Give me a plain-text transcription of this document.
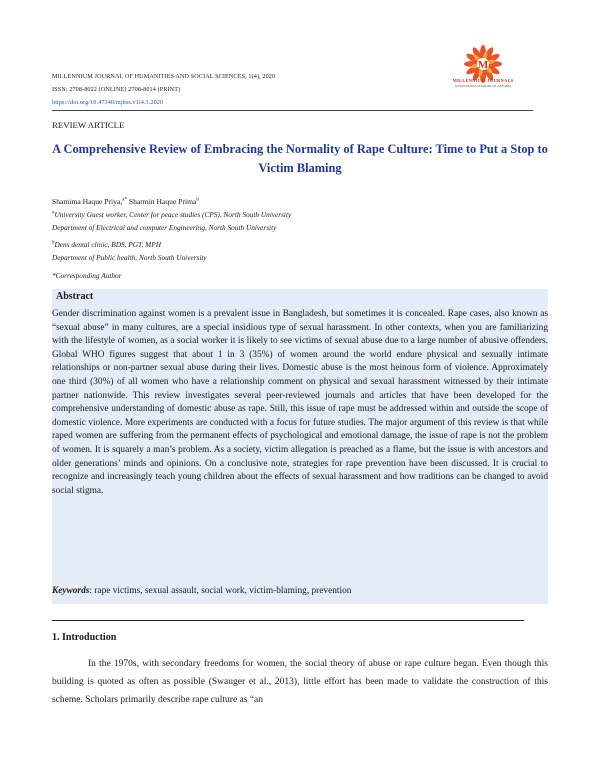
MILLENNIUM JOURNAL OF HUMANITIES AND SOCIAL SCIENCES, 1(4), 2020
ISSN: 2708-8022 (ONLINE) 2708-8014 (PRINT)
https://doi.org/10.47340/mjhss.v1i4.3.2020
M
MILLENNIUM JOURNALS
KNOWLEDGE SHARING PLATFORM
REVIEW ARTICLE
A Comprehensive Review of Embracing the Normality of Rape Culture: Time to Put a Stop to Victim Blaming
Shamima Haque Priya,$^{a*}$ Sharmin Haque Prima$^b$
$^a$University Guest worker, Center for peace studies (CPS), North South University
Department of Electrical and computer Engineering, North South University
$^b$Dens dental clinic, BDS, PGT, MPH
Department of Public health, North South University
*Corresponding Author
Abstract
Gender discrimination against women is a prevalent issue in Bangladesh, but sometimes it is concealed. Rape cases, also known as “sexual abuse” in many cultures, are a special insidious type of sexual harassment. In other contexts, when you are familiarizing with the lifestyle of women, as a social worker it is likely to see victims of sexual abuse due to a large number of abusive offenders. Global WHO figures suggest that about 1 in 3 (35%) of women around the world endure physical and sexually intimate relationships or non-partner sexual abuse during their lives. Domestic abuse is the most heinous form of violence. Approximately one third (30%) of all women who have a relationship comment on physical and sexual harassment witnessed by their intimate partner nationwide. This review investigates several peer-reviewed journals and articles that have been developed for the comprehensive understanding of domestic abuse as rape. Still, this issue of rape must be addressed within and outside the scope of domestic violence. More experiments are conducted with a focus for future studies. The major argument of this review is that while raped women are suffering from the permanent effects of psychological and emotional damage, the issue of rape is not the problem of women. It is squarely a man’s problem. As a society, victim allegation is preached as a flame, but the issue is with ancestors and older generations’ minds and opinions. On a conclusive note, strategies for rape prevention have been discussed. It is crucial to recognize and increasingly teach young children about the effects of sexual harassment and how traditions can be changed to avoid social stigma.
Keywords: rape victims, sexual assault, social work, victim-blaming, prevention
1. Introduction
In the 1970s, with secondary freedoms for women, the social theory of abuse or rape culture began. Even though this building is quoted as often as possible (Swauger et al., 2013), little effort has been made to validate the construction of this scheme. Scholars primarily describe rape culture as “an
